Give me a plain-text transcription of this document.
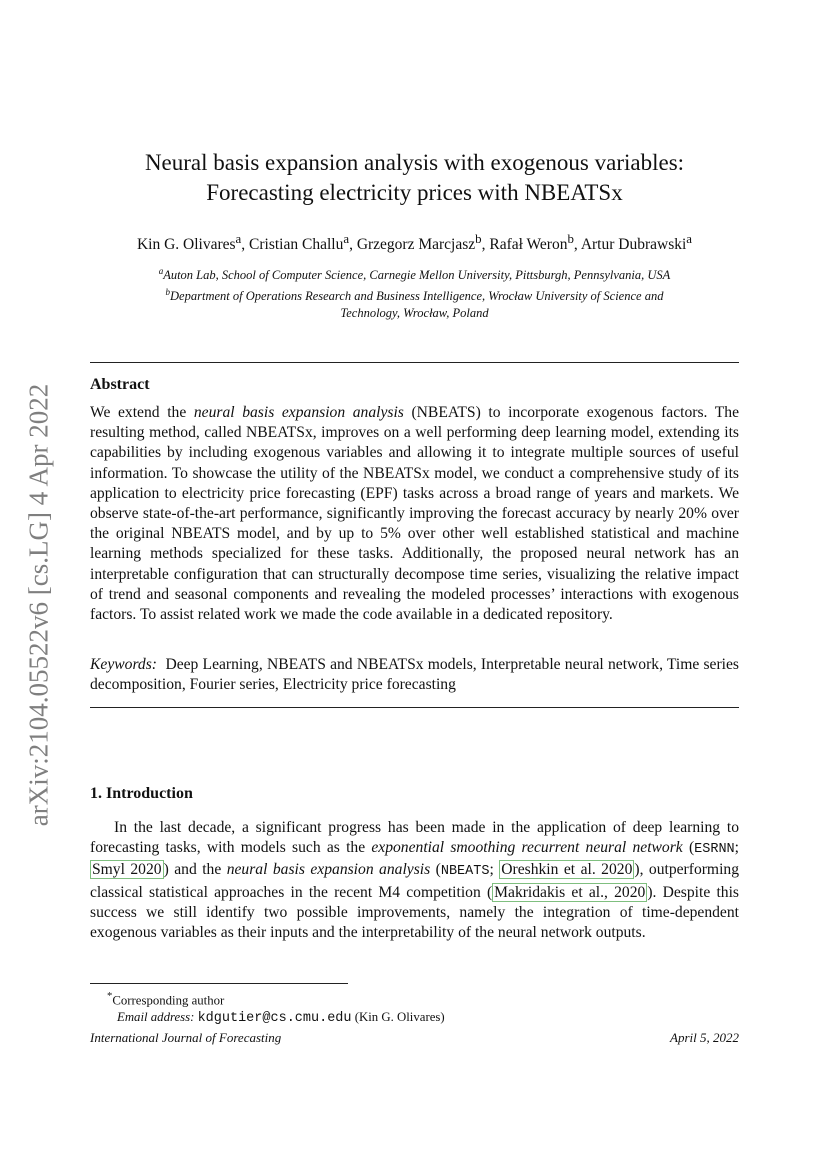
arXiv:2104.05522v6 [cs.LG] 4 Apr 2022
Neural basis expansion analysis with exogenous variables:
Forecasting electricity prices with NBEATSx
Kin G. Olivares$^a$, Cristian Challu$^a$, Grzegorz Marcjasz$^b$, Rafał Weron$^b$, Artur Dubrawski$^a$
$^a$Auton Lab, School of Computer Science, Carnegie Mellon University, Pittsburgh, Pennsylvania, USA
$^b$Department of Operations Research and Business Intelligence, Wrocław University of Science and
Technology, Wrocław, Poland
Abstract
We extend the neural basis expansion analysis (NBEATS) to incorporate exogenous factors. The resulting method, called NBEATSx, improves on a well performing deep learning model, extending its capabilities by including exogenous variables and allowing it to integrate multiple sources of useful information. To showcase the utility of the NBEATSx model, we conduct a comprehensive study of its application to electricity price forecasting (EPF) tasks across a broad range of years and markets. We observe state-of-the-art performance, significantly improving the forecast accuracy by nearly 20% over the original NBEATS model, and by up to 5% over other well established statistical and machine learning methods specialized for these tasks. Additionally, the proposed neural network has an interpretable configuration that can structurally decompose time series, visualizing the relative impact of trend and seasonal components and revealing the modeled processes’ interactions with exogenous factors. To assist related work we made the code available in a dedicated repository.
Keywords: Deep Learning, NBEATS and NBEATSx models, Interpretable neural network, Time series decomposition, Fourier series, Electricity price forecasting
1. Introduction
In the last decade, a significant progress has been made in the application of deep learning to forecasting tasks, with models such as the exponential smoothing recurrent neural network (ESRNN; Smyl 2020 ) and the neural basis expansion analysis (NBEATS; Oreshkin et al. 2020 ), outperforming classical statistical approaches in the recent M4 competition ( Makridakis et al., 2020 ). Despite this success we still identify two possible improvements, namely the integration of time-dependent exogenous variables as their inputs and the interpretability of the neural network outputs.
*Corresponding author
Email address: kdgutier@cs.cmu.edu (Kin G. Olivares)
International Journal of Forecasting	April 5, 2022
